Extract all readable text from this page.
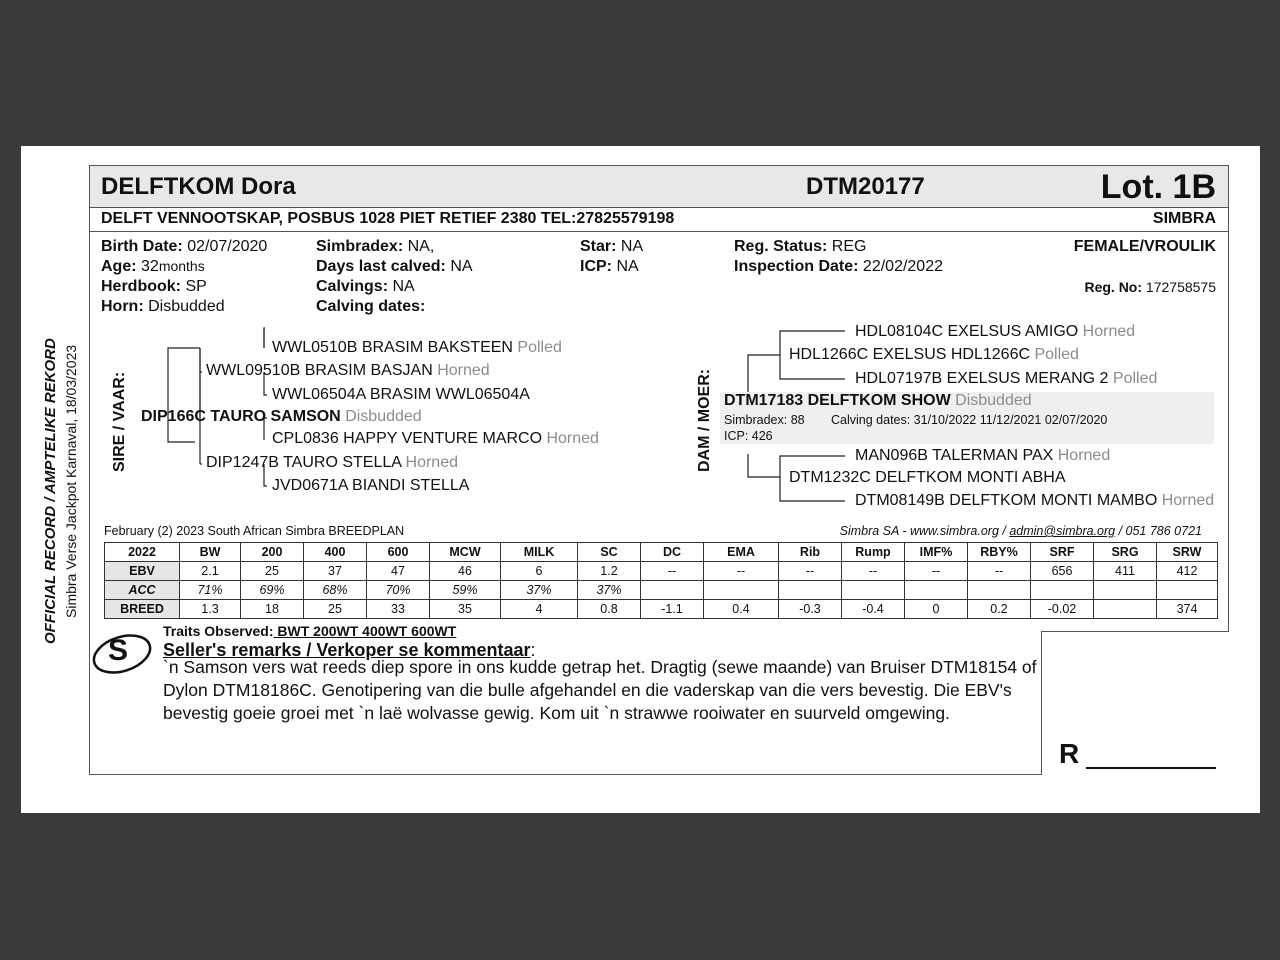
OFFICIAL RECORD / AMPTELIKE REKORD Simbra Verse Jackpot Karnaval, 18/03/2023
DELFTKOM Dora	DTM20177	Lot. 1B
DELFT VENNOOTSKAP, POSBUS 1028 PIET RETIEF 2380 TEL:27825579198	SIMBRA
Birth Date: 02/07/2020
Age: 32months
Herdbook: SP
Horn: Disbudded
Simbradex: NA,
Days last calved: NA
Calvings: NA
Calving dates:
Star: NA
ICP: NA
Reg. Status: REG
Inspection Date: 22/02/2022
FEMALE/VROULIK
Reg. No: 172758575
SIRE / VAAR:
WWL0510B BRASIM BAKSTEEN Polled
WWL09510B BRASIM BASJAN Horned
WWL06504A BRASIM WWL06504A
DIP166C TAURO SAMSON Disbudded
CPL0836 HAPPY VENTURE MARCO Horned
DIP1247B TAURO STELLA Horned
JVD0671A BIANDI STELLA
DAM / MOER:
HDL08104C EXELSUS AMIGO Horned
HDL1266C EXELSUS HDL1266C Polled
HDL07197B EXELSUS MERANG 2 Polled
DTM17183 DELFTKOM SHOW Disbudded
Simbradex: 88 Calving dates: 31/10/2022 11/12/2021 02/07/2020
ICP: 426
MAN096B TALERMAN PAX Horned
DTM1232C DELFTKOM MONTI ABHA
DTM08149B DELFTKOM MONTI MAMBO Horned
February (2) 2023 South African Simbra BREEDPLAN	Simbra SA - www.simbra.org / admin@simbra.org / 051 786 0721
2022	BW	200	400	600	MCW	MILK	SC	DC	EMA	Rib	Rump	IMF%	RBY%	SRF	SRG	SRW
EBV	2.1	25	37	47	46	6	1.2	--	--	--	--	--	--	656	411	412
ACC	71%	69%	68%	70%	59%	37%	37%									
BREED	1.3	18	25	33	35	4	0.8	-1.1	0.4	-0.3	-0.4	0	0.2	-0.02		374
Traits Observed: BWT 200WT 400WT 600WT
S Seller's remarks / Verkoper se kommentaar:
`n Samson vers wat reeds diep spore in ons kudde getrap het. Dragtig (sewe maande) van Bruiser DTM18154 of Dylon DTM18186C. Genotipering van die bulle afgehandel en die vaderskap van die vers bevestig. Die EBV's bevestig goeie groei met `n laë wolvasse gewig. Kom uit `n strawwe rooiwater en suurveld omgewing.
R
